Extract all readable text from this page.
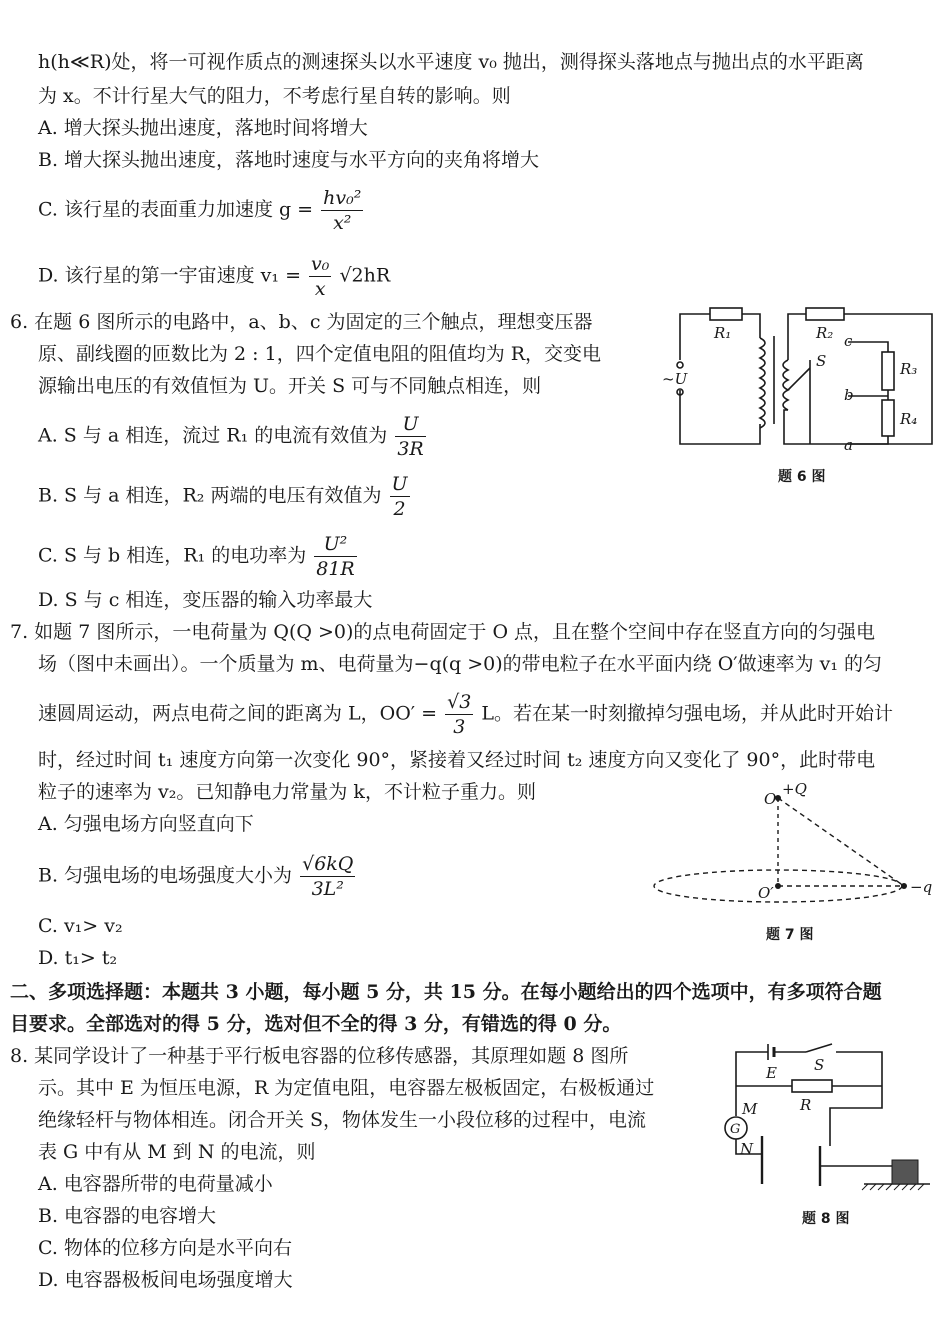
h(h≪R)处，将一可视作质点的测速探头以水平速度 v₀ 抛出，测得探头落地点与抛出点的水平距离
为 x。不计行星大气的阻力，不考虑行星自转的影响。则
A. 增大探头抛出速度，落地时间将增大
B. 增大探头抛出速度，落地时速度与水平方向的夹角将增大
C. 该行星的表面重力加速度 $g = \frac{\text{hv₀²}}{\text{x²}}$
D. 该行星的第一宇宙速度 $v_1 = \frac{\text{v₀}}{x} √2hR$
6. 在题 6 图所示的电路中，a、b、c 为固定的三个触点，理想变压器
原、副线圈的匝数比为 2 : 1，四个定值电阻的阻值均为 R，交变电
源输出电压的有效值恒为 U。开关 S 可与不同触点相连，则
A. S 与 a 相连，流过 R₁ 的电流有效值为 $\frac{U}{3R}$
B. S 与 a 相连，R₂ 两端的电压有效值为 $\frac{U}{2}$
C. S 与 b 相连，R₁ 的电功率为 $\frac{\text{U²}}{81R}$
D. S 与 c 相连，变压器的输入功率最大
R₁	R₂
R₃
R₄
~U
S
c
b
a
题 6 图
7. 如题 7 图所示，一电荷量为 Q(Q >0)的点电荷固定于 O 点，且在整个空间中存在竖直方向的匀强电
场（图中未画出）。一个质量为 m、电荷量为−q(q >0)的带电粒子在水平面内绕 O′做速率为 v₁ 的匀
速圆周运动，两点电荷之间的距离为 L，$OO' = \frac{√3}{3}$ L。若在某一时刻撤掉匀强电场，并从此时开始计
时，经过时间 t₁ 速度方向第一次变化 90°，紧接着又经过时间 t₂ 速度方向又变化了 90°，此时带电
粒子的速率为 v₂。已知静电力常量为 k，不计粒子重力。则
A. 匀强电场方向竖直向下
B. 匀强电场的电场强度大小为 $\frac{√6kQ}{\text{3L²}}$
C. v₁> v₂
D. t₁> t₂
O
+Q
O′	−q
题 7 图
二、多项选择题：本题共 3 小题，每小题 5 分，共 15 分。在每小题给出的四个选项中，有多项符合题
目要求。全部选对的得 5 分，选对但不全的得 3 分，有错选的得 0 分。
8. 某同学设计了一种基于平行板电容器的位移传感器，其原理如题 8 图所
示。其中 E 为恒压电源，R 为定值电阻，电容器左极板固定，右极板通过
绝缘轻杆与物体相连。闭合开关 S，物体发生一小段位移的过程中，电流
表 G 中有从 M 到 N 的电流，则
A. 电容器所带的电荷量减小
B. 电容器的电容增大
C. 物体的位移方向是水平向右
D. 电容器极板间电场强度增大
E S
R
M
N
G
题 8 图
